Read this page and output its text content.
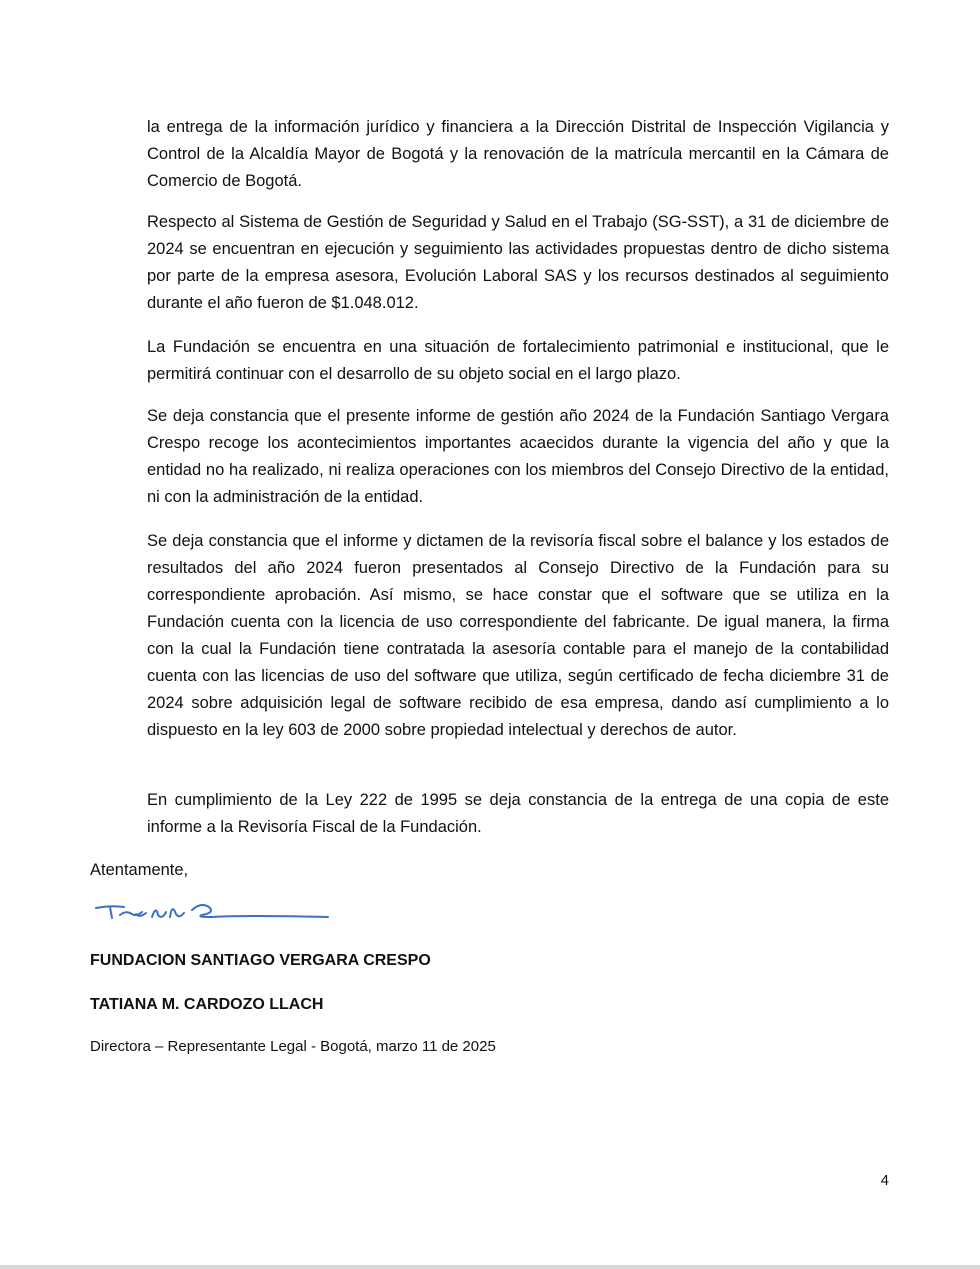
la entrega de la información jurídico y financiera a la Dirección Distrital de Inspección Vigilancia y Control de la Alcaldía Mayor de Bogotá y la renovación de la matrícula mercantil en la Cámara de Comercio de Bogotá.

Respecto al Sistema de Gestión de Seguridad y Salud en el Trabajo (SG-SST), a 31 de diciembre de 2024 se encuentran en ejecución y seguimiento las actividades propuestas dentro de dicho sistema por parte de la empresa asesora, Evolución Laboral SAS y los recursos destinados al seguimiento durante el año fueron de $1.048.012.

La Fundación se encuentra en una situación de fortalecimiento patrimonial e institucional, que le permitirá continuar con el desarrollo de su objeto social en el largo plazo.

Se deja constancia que el presente informe de gestión año 2024 de la Fundación Santiago Vergara Crespo recoge los acontecimientos importantes acaecidos durante la vigencia del año y que la entidad no ha realizado, ni realiza operaciones con los miembros del Consejo Directivo de la entidad, ni con la administración de la entidad.

Se deja constancia que el informe y dictamen de la revisoría fiscal sobre el balance y los estados de resultados del año 2024 fueron presentados al Consejo Directivo de la Fundación para su correspondiente aprobación. Así mismo, se hace constar que el software que se utiliza en la Fundación cuenta con la licencia de uso correspondiente del fabricante. De igual manera, la firma con la cual la Fundación tiene contratada la asesoría contable para el manejo de la contabilidad cuenta con las licencias de uso del software que utiliza, según certificado de fecha diciembre 31 de 2024 sobre adquisición legal de software recibido de esa empresa, dando así cumplimiento a lo dispuesto en la ley 603 de 2000 sobre propiedad intelectual y derechos de autor.

En cumplimiento de la Ley 222 de 1995 se deja constancia de la entrega de una copia de este informe a la Revisoría Fiscal de la Fundación.

Atentamente,

FUNDACION SANTIAGO VERGARA CRESPO

TATIANA M. CARDOZO LLACH

Directora – Representante Legal - Bogotá, marzo 11 de 2025

4
